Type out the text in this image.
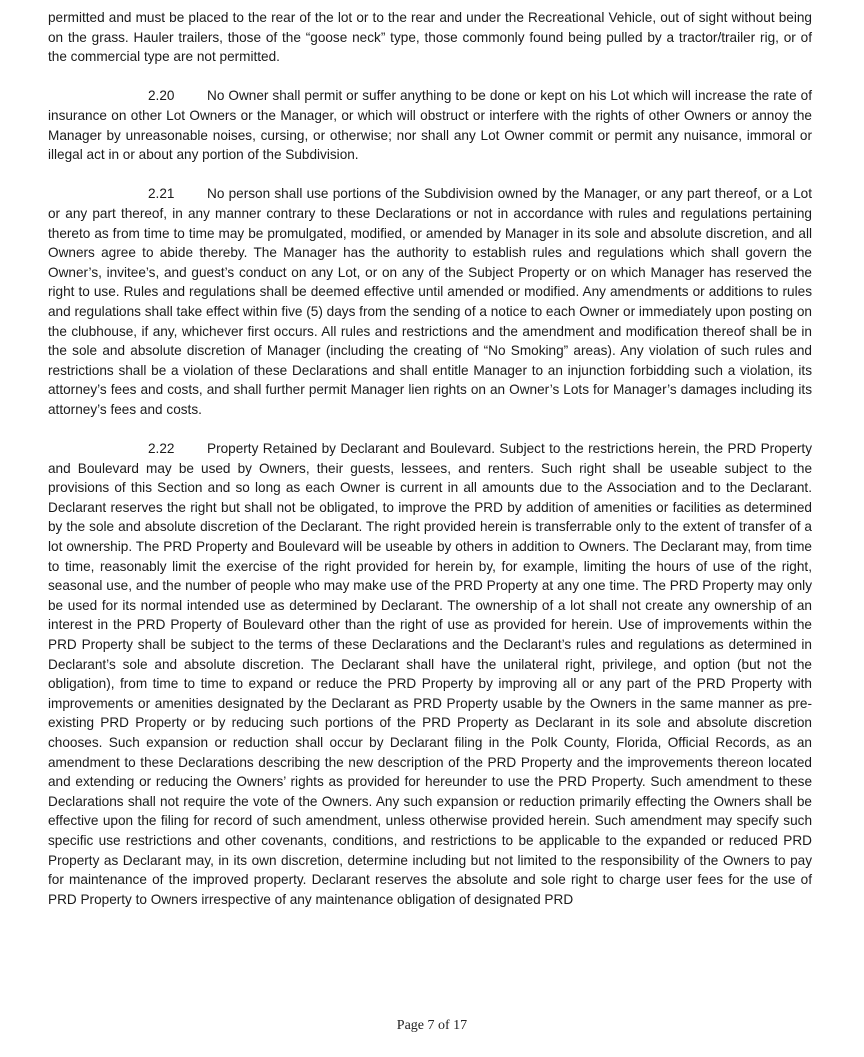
permitted and must be placed to the rear of the lot or to the rear and under the Recreational Vehicle, out of sight without being on the grass. Hauler trailers, those of the “goose neck” type, those commonly found being pulled by a tractor/trailer rig, or of the commercial type are not permitted.

2.20 No Owner shall permit or suffer anything to be done or kept on his Lot which will increase the rate of insurance on other Lot Owners or the Manager, or which will obstruct or interfere with the rights of other Owners or annoy the Manager by unreasonable noises, cursing, or otherwise; nor shall any Lot Owner commit or permit any nuisance, immoral or illegal act in or about any portion of the Subdivision.

2.21 No person shall use portions of the Subdivision owned by the Manager, or any part thereof, or a Lot or any part thereof, in any manner contrary to these Declarations or not in accordance with rules and regulations pertaining thereto as from time to time may be promulgated, modified, or amended by Manager in its sole and absolute discretion, and all Owners agree to abide thereby. The Manager has the authority to establish rules and regulations which shall govern the Owner’s, invitee’s, and guest’s conduct on any Lot, or on any of the Subject Property or on which Manager has reserved the right to use. Rules and regulations shall be deemed effective until amended or modified. Any amendments or additions to rules and regulations shall take effect within five (5) days from the sending of a notice to each Owner or immediately upon posting on the clubhouse, if any, whichever first occurs. All rules and restrictions and the amendment and modification thereof shall be in the sole and absolute discretion of Manager (including the creating of “No Smoking” areas). Any violation of such rules and restrictions shall be a violation of these Declarations and shall entitle Manager to an injunction forbidding such a violation, its attorney’s fees and costs, and shall further permit Manager lien rights on an Owner’s Lots for Manager’s damages including its attorney’s fees and costs.

2.22 Property Retained by Declarant and Boulevard. Subject to the restrictions herein, the PRD Property and Boulevard may be used by Owners, their guests, lessees, and renters. Such right shall be useable subject to the provisions of this Section and so long as each Owner is current in all amounts due to the Association and to the Declarant. Declarant reserves the right but shall not be obligated, to improve the PRD by addition of amenities or facilities as determined by the sole and absolute discretion of the Declarant. The right provided herein is transferrable only to the extent of transfer of a lot ownership. The PRD Property and Boulevard will be useable by others in addition to Owners. The Declarant may, from time to time, reasonably limit the exercise of the right provided for herein by, for example, limiting the hours of use of the right, seasonal use, and the number of people who may make use of the PRD Property at any one time. The PRD Property may only be used for its normal intended use as determined by Declarant. The ownership of a lot shall not create any ownership of an interest in the PRD Property of Boulevard other than the right of use as provided for herein. Use of improvements within the PRD Property shall be subject to the terms of these Declarations and the Declarant’s rules and regulations as determined in Declarant’s sole and absolute discretion. The Declarant shall have the unilateral right, privilege, and option (but not the obligation), from time to time to expand or reduce the PRD Property by improving all or any part of the PRD Property with improvements or amenities designated by the Declarant as PRD Property usable by the Owners in the same manner as pre-existing PRD Property or by reducing such portions of the PRD Property as Declarant in its sole and absolute discretion chooses. Such expansion or reduction shall occur by Declarant filing in the Polk County, Florida, Official Records, as an amendment to these Declarations describing the new description of the PRD Property and the improvements thereon located and extending or reducing the Owners’ rights as provided for hereunder to use the PRD Property. Such amendment to these Declarations shall not require the vote of the Owners. Any such expansion or reduction primarily effecting the Owners shall be effective upon the filing for record of such amendment, unless otherwise provided herein. Such amendment may specify such specific use restrictions and other covenants, conditions, and restrictions to be applicable to the expanded or reduced PRD Property as Declarant may, in its own discretion, determine including but not limited to the responsibility of the Owners to pay for maintenance of the improved property. Declarant reserves the absolute and sole right to charge user fees for the use of PRD Property to Owners irrespective of any maintenance obligation of designated PRD

Page 7 of 17
